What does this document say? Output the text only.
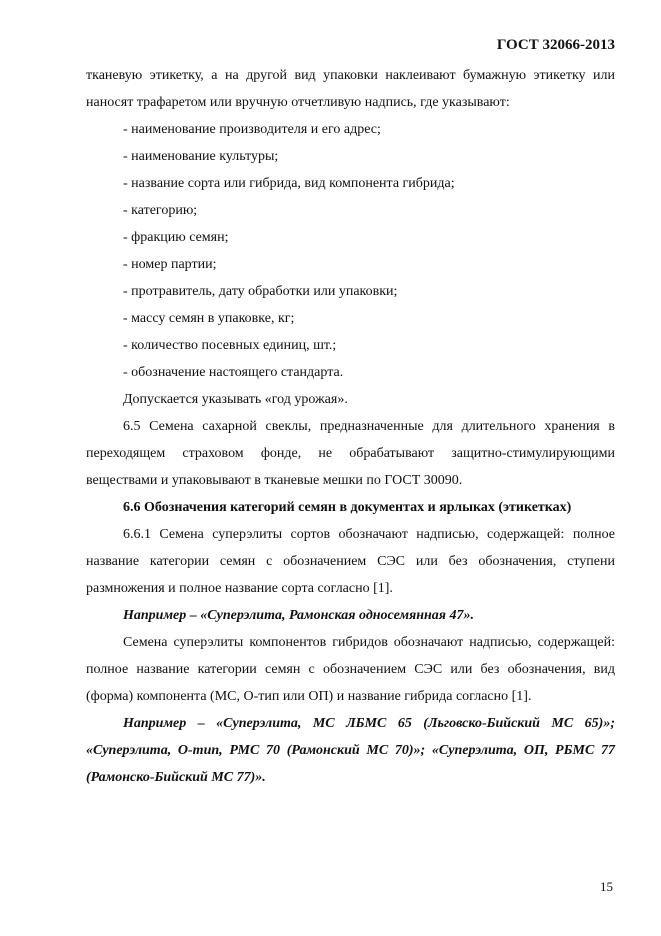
ГОСТ 32066-2013

тканевую этикетку, а на другой вид упаковки наклеивают бумажную этикетку или наносят трафаретом или вручную отчетливую надпись, где указывают:

- наименование производителя и его адрес;

- наименование культуры;

- название сорта или гибрида, вид компонента гибрида;

- категорию;

- фракцию семян;

- номер партии;

- протравитель, дату обработки или упаковки;

- массу семян в упаковке, кг;

- количество посевных единиц, шт.;

- обозначение настоящего стандарта.

Допускается указывать «год урожая».

6.5 Семена сахарной свеклы, предназначенные для длительного хранения в переходящем страховом фонде, не обрабатывают защитно-стимулирующими веществами и упаковывают в тканевые мешки по ГОСТ 30090.

6.6 Обозначения категорий семян в документах и ярлыках (этикетках)

6.6.1 Семена суперэлиты сортов обозначают надписью, содержащей: полное название категории семян с обозначением СЭС или без обозначения, ступени размножения и полное название сорта согласно [1].

Например – «Суперэлита, Рамонская односемянная 47».

Семена суперэлиты компонентов гибридов обозначают надписью, содержащей: полное название категории семян с обозначением СЭС или без обозначения, вид (форма) компонента (МС, О-тип или ОП) и название гибрида согласно [1].

Например – «Суперэлита, МС ЛБМС 65 (Льговско-Бийский МС 65)»; «Суперэлита, О-тип, РМС 70 (Рамонский МС 70)»; «Суперэлита, ОП, РБМС 77 (Рамонско-Бийский МС 77)».

15
